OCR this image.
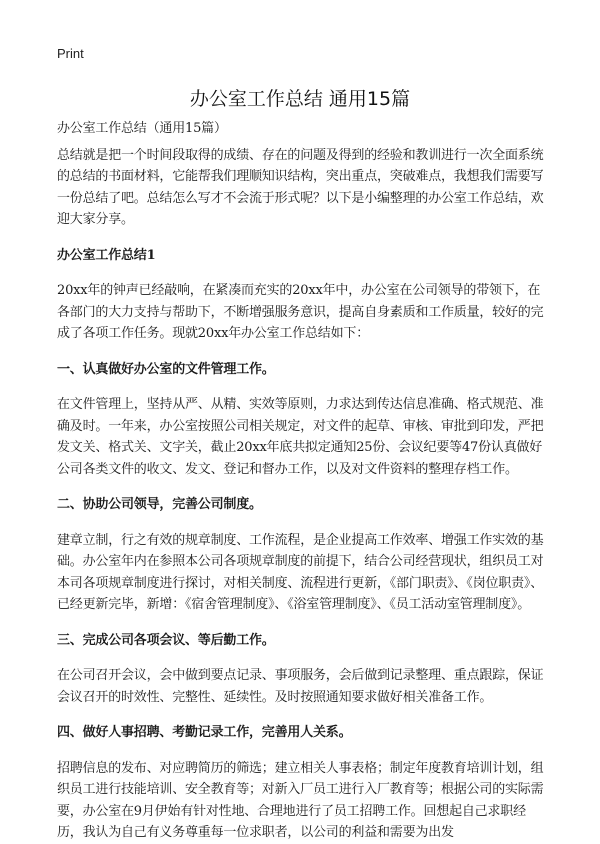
Print
办公室工作总结 通用15篇

办公室工作总结（通用15篇）

总结就是把一个时间段取得的成绩、存在的问题及得到的经验和教训进行一次全面系统的总结的书面材料，它能帮我们理顺知识结构，突出重点，突破难点，我想我们需要写一份总结了吧。总结怎么写才不会流于形式呢？以下是小编整理的办公室工作总结，欢迎大家分享。

办公室工作总结1

20xx年的钟声已经敲响，在紧凑而充实的20xx年中，办公室在公司领导的带领下，在各部门的大力支持与帮助下，不断增强服务意识，提高自身素质和工作质量，较好的完成了各项工作任务。现就20xx年办公室工作总结如下：

一、认真做好办公室的文件管理工作。

在文件管理上，坚持从严、从精、实效等原则，力求达到传达信息准确、格式规范、准确及时。一年来，办公室按照公司相关规定，对文件的起草、审核、审批到印发，严把发文关、格式关、文字关，截止20xx年底共拟定通知25份、会议纪要等47份认真做好公司各类文件的收文、发文、登记和督办工作，以及对文件资料的整理存档工作。

二、协助公司领导，完善公司制度。

建章立制，行之有效的规章制度、工作流程，是企业提高工作效率、增强工作实效的基础。办公室年内在参照本公司各项规章制度的前提下，结合公司经营现状，组织员工对本司各项规章制度进行探讨，对相关制度、流程进行更新，《部门职责》、《岗位职责》、已经更新完毕，新增：《宿舍管理制度》、《浴室管理制度》、《员工活动室管理制度》。

三、完成公司各项会议、等后勤工作。

在公司召开会议，会中做到要点记录、事项服务，会后做到记录整理、重点跟踪，保证会议召开的时效性、完整性、延续性。及时按照通知要求做好相关准备工作。

四、做好人事招聘、考勤记录工作，完善用人关系。

招聘信息的发布、对应聘简历的筛选；建立相关人事表格；制定年度教育培训计划，组织员工进行技能培训、安全教育等；对新入厂员工进行入厂教育等；根据公司的实际需要，办公室在9月伊始有针对性地、合理地进行了员工招聘工作。回想起自己求职经历，我认为自己有义务尊重每一位求职者，以公司的利益和需要为出发
